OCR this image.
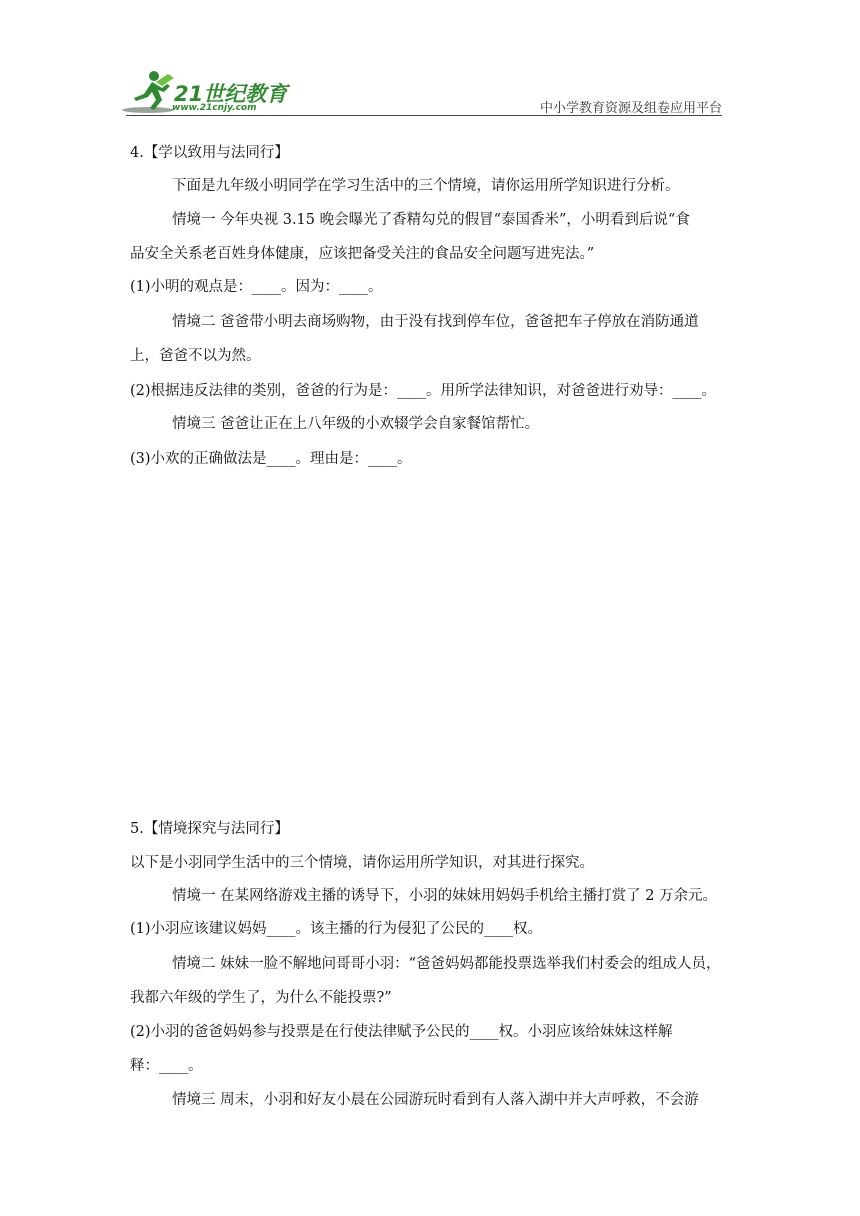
21世纪教育
www.21cnjy.com	中小学教育资源及组卷应用平台
4.【学以致用与法同行】
下面是九年级小明同学在学习生活中的三个情境，请你运用所学知识进行分析。
情境一 今年央视 3.15 晚会曝光了香精勾兑的假冒“泰国香米”，小明看到后说“食
品安全关系老百姓身体健康，应该把备受关注的食品安全问题写进宪法。”
(1)小明的观点是：____。因为：____。
情境二 爸爸带小明去商场购物，由于没有找到停车位，爸爸把车子停放在消防通道
上，爸爸不以为然。
(2)根据违反法律的类别，爸爸的行为是：____。用所学法律知识，对爸爸进行劝导：____。
情境三 爸爸让正在上八年级的小欢辍学会自家餐馆帮忙。
(3)小欢的正确做法是____。理由是：____。
5.【情境探究与法同行】
以下是小羽同学生活中的三个情境，请你运用所学知识，对其进行探究。
情境一 在某网络游戏主播的诱导下，小羽的妹妹用妈妈手机给主播打赏了 2 万余元。
(1)小羽应该建议妈妈____。该主播的行为侵犯了公民的____权。
情境二 妹妹一脸不解地问哥哥小羽：“爸爸妈妈都能投票选举我们村委会的组成人员，
我都六年级的学生了，为什么不能投票?”
(2)小羽的爸爸妈妈参与投票是在行使法律赋予公民的____权。小羽应该给妹妹这样解
释：____。
情境三 周末，小羽和好友小晨在公园游玩时看到有人落入湖中并大声呼救，不会游
